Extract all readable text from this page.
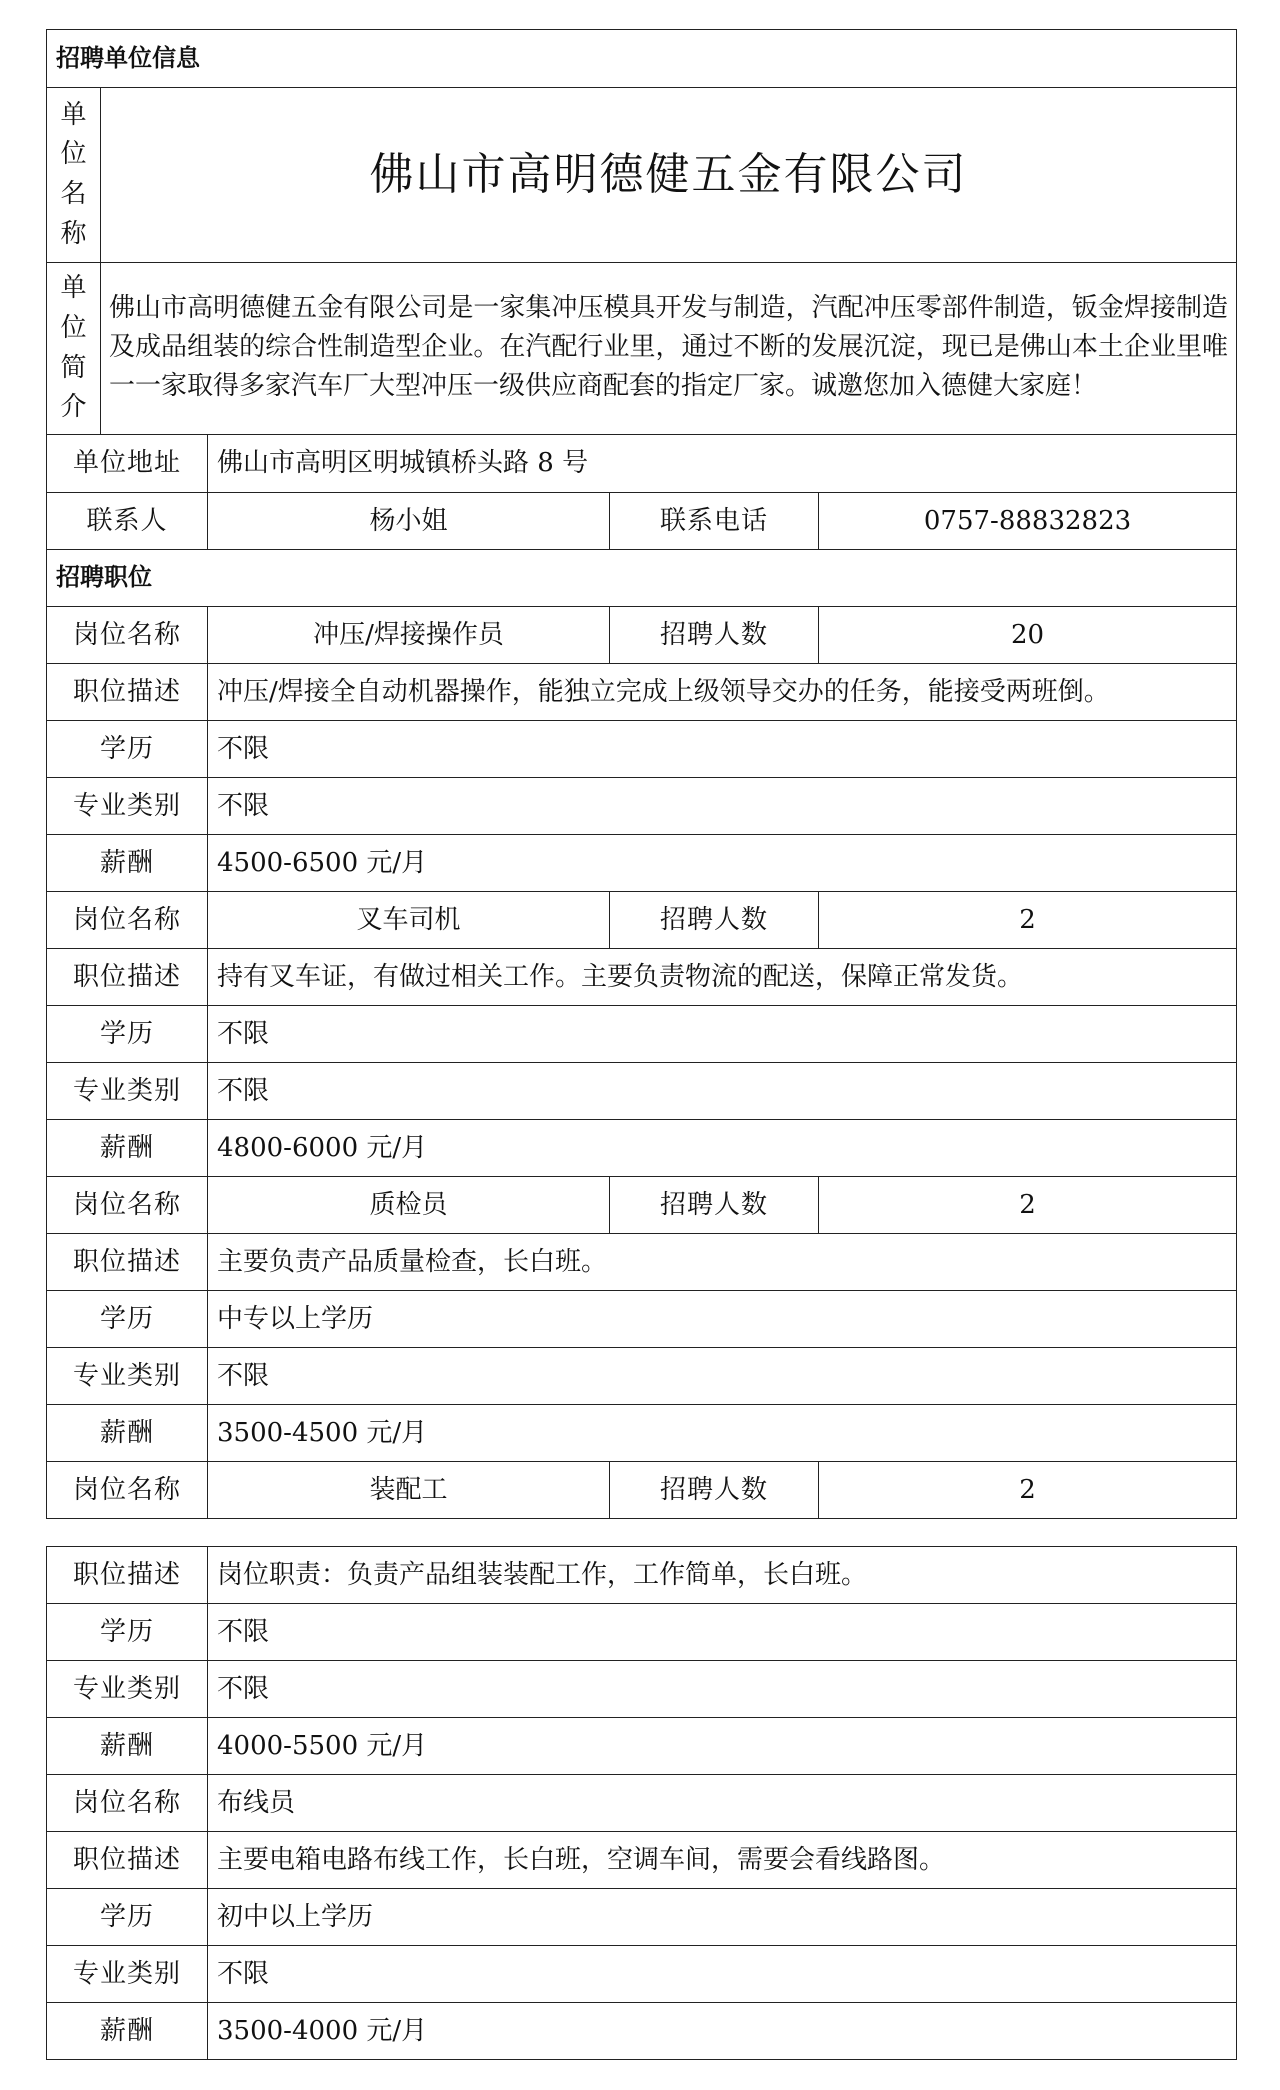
招聘单位信息				

单
位
名
称	佛山市高明德健五金有限公司			

单
位
简
介	佛山市高明德健五金有限公司是一家集冲压模具开发与制造，汽配冲压零部件制造，钣金焊接制造及成品组装的综合性制造型企业。在汽配行业里，通过不断的发展沉淀，现已是佛山本土企业里唯一一家取得多家汽车厂大型冲压一级供应商配套的指定厂家。诚邀您加入德健大家庭！			
单位地址		佛山市高明区明城镇桥头路 8 号		
联系人		杨小姐	联系电话	0757-88832823
招聘职位				
岗位名称		冲压/焊接操作员	招聘人数	20
职位描述		冲压/焊接全自动机器操作，能独立完成上级领导交办的任务，能接受两班倒。		
学历		不限		
专业类别		不限		
薪酬		4500-6500 元/月		
岗位名称		叉车司机	招聘人数	2
职位描述		持有叉车证，有做过相关工作。主要负责物流的配送，保障正常发货。		
学历		不限		
专业类别		不限		
薪酬		4800-6000 元/月		
岗位名称		质检员	招聘人数	2
职位描述		主要负责产品质量检查，长白班。		
学历		中专以上学历		
专业类别		不限		
薪酬		3500-4500 元/月		
岗位名称		装配工	招聘人数	2
职位描述	岗位职责：负责产品组装装配工作，工作简单，长白班。
学历	不限
专业类别	不限
薪酬	4000-5500 元/月
岗位名称	布线员
职位描述	主要电箱电路布线工作，长白班，空调车间，需要会看线路图。
学历	初中以上学历
专业类别	不限
薪酬	3500-4000 元/月
